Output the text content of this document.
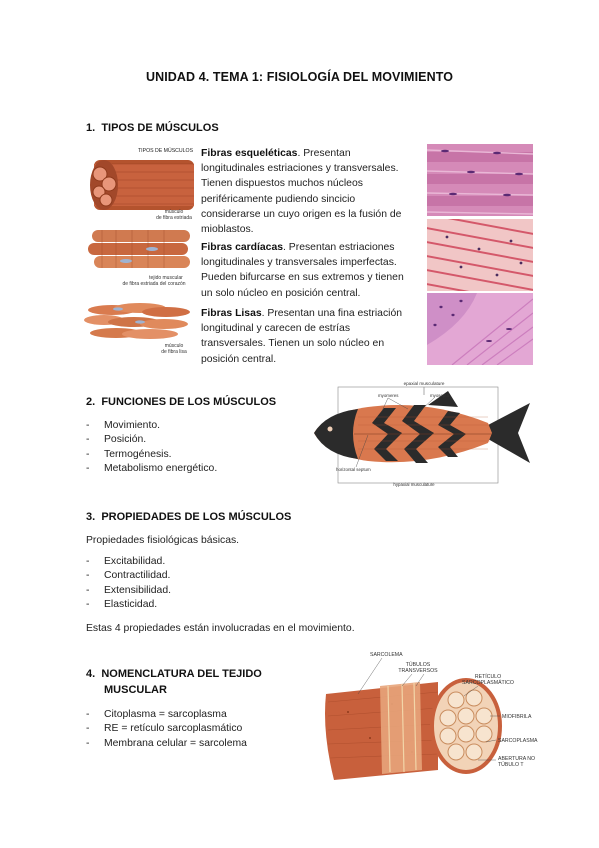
UNIDAD 4. TEMA 1: FISIOLOGÍA DEL MOVIMIENTO
1. TIPOS DE MÚSCULOS
TIPOS DE MÚSCULOS
músculo
de fibra estriada
tejido muscular
de fibra estriada del corazón
músculo
de fibra lisa
Fibras esqueléticas. Presentan longitudinales estriaciones y transversales. Tienen dispuestos muchos núcleos periféricamente pudiendo sincicio considerarse un cuyo origen es la fusión de mioblastos.
Fibras cardíacas. Presentan estriaciones longitudinales y transversales imperfectas. Pueden bifurcarse en sus extremos y tienen un solo núcleo en posición central.
Fibras Lisas. Presentan una fina estriación longitudinal y carecen de estrías transversales. Tienen un solo núcleo en posición central.
2. FUNCIONES DE LOS MÚSCULOS
- Movimiento.
- Posición.
- Termogénesis.
- Metabolismo energético.
epaxial musculature
myomeres	myosepta
horizontal septum
hypaxial musculature
3. PROPIEDADES DE LOS MÚSCULOS
Propiedades fisiológicas básicas.
- Excitabilidad.
- Contractilidad.
- Extensibilidad.
- Elasticidad.
Estas 4 propiedades están involucradas en el movimiento.
4. NOMENCLATURA DEL TEJIDO
MUSCULAR
- Citoplasma = sarcoplasma
- RE = retículo sarcoplasmático
- Membrana celular = sarcolema
SARCOLEMA
TÚBULOS
TRANSVERSOS
RETÍCULO
SARCOPLASMÁTICO
MIOFIBRILA
SARCOPLASMA
ABERTURA NO
TÚBULO T
